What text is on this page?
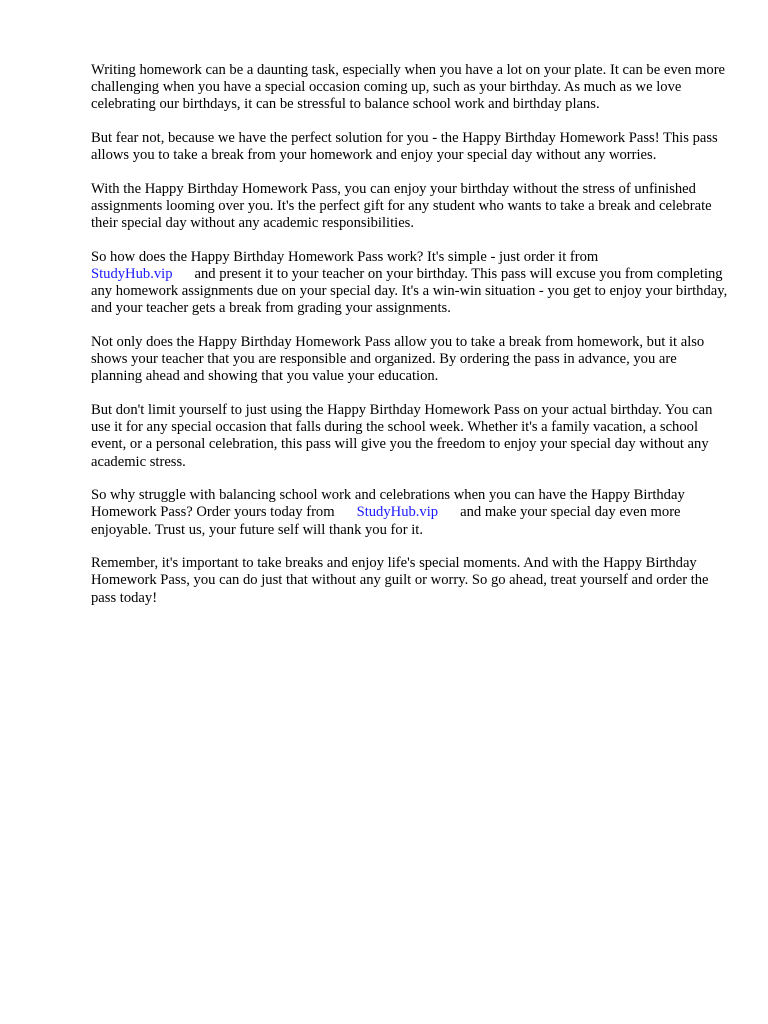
Writing homework can be a daunting task, especially when you have a lot on your plate. It can be even more challenging when you have a special occasion coming up, such as your birthday. As much as we love celebrating our birthdays, it can be stressful to balance school work and birthday plans.

But fear not, because we have the perfect solution for you - the Happy Birthday Homework Pass! This pass allows you to take a break from your homework and enjoy your special day without any worries.

With the Happy Birthday Homework Pass, you can enjoy your birthday without the stress of unfinished assignments looming over you. It's the perfect gift for any student who wants to take a break and celebrate their special day without any academic responsibilities.

So how does the Happy Birthday Homework Pass work? It's simple - just order it from
StudyHub.vip and present it to your teacher on your birthday. This pass will excuse you from completing any homework assignments due on your special day. It's a win-win situation - you get to enjoy your birthday, and your teacher gets a break from grading your assignments.

Not only does the Happy Birthday Homework Pass allow you to take a break from homework, but it also shows your teacher that you are responsible and organized. By ordering the pass in advance, you are planning ahead and showing that you value your education.

But don't limit yourself to just using the Happy Birthday Homework Pass on your actual birthday. You can use it for any special occasion that falls during the school week. Whether it's a family vacation, a school event, or a personal celebration, this pass will give you the freedom to enjoy your special day without any academic stress.

So why struggle with balancing school work and celebrations when you can have the Happy Birthday Homework Pass? Order yours today from StudyHub.vip and make your special day even more enjoyable. Trust us, your future self will thank you for it.

Remember, it's important to take breaks and enjoy life's special moments. And with the Happy Birthday Homework Pass, you can do just that without any guilt or worry. So go ahead, treat yourself and order the pass today!
